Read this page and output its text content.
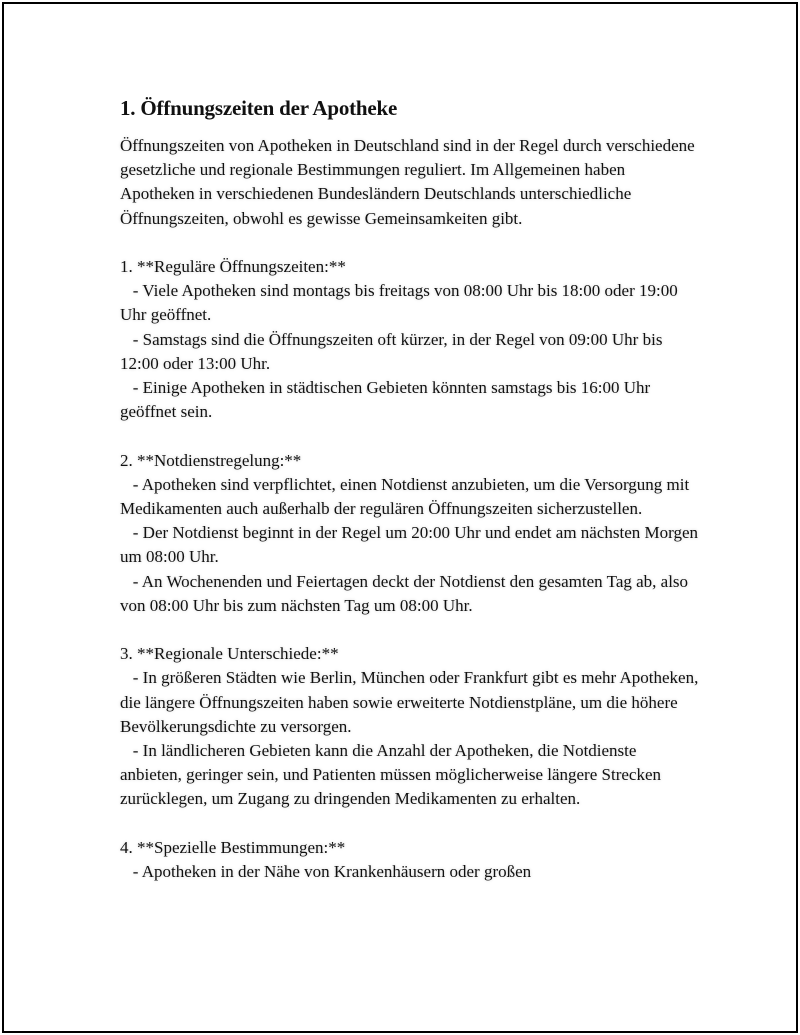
1. Öffnungszeiten der Apotheke

Öffnungszeiten von Apotheken in Deutschland sind in der Regel durch verschiedene gesetzliche und regionale Bestimmungen reguliert. Im Allgemeinen haben Apotheken in verschiedenen Bundesländern Deutschlands unterschiedliche Öffnungszeiten, obwohl es gewisse Gemeinsamkeiten gibt.

1. **Reguläre Öffnungszeiten:**
- Viele Apotheken sind montags bis freitags von 08:00 Uhr bis 18:00 oder 19:00 Uhr geöffnet.
- Samstags sind die Öffnungszeiten oft kürzer, in der Regel von 09:00 Uhr bis 12:00 oder 13:00 Uhr.
- Einige Apotheken in städtischen Gebieten könnten samstags bis 16:00 Uhr geöffnet sein.
2. **Notdienstregelung:**
- Apotheken sind verpflichtet, einen Notdienst anzubieten, um die Versorgung mit Medikamenten auch außerhalb der regulären Öffnungszeiten sicherzustellen.
- Der Notdienst beginnt in der Regel um 20:00 Uhr und endet am nächsten Morgen um 08:00 Uhr.
- An Wochenenden und Feiertagen deckt der Notdienst den gesamten Tag ab, also von 08:00 Uhr bis zum nächsten Tag um 08:00 Uhr.
3. **Regionale Unterschiede:**
- In größeren Städten wie Berlin, München oder Frankfurt gibt es mehr Apotheken, die längere Öffnungszeiten haben sowie erweiterte Notdienstpläne, um die höhere Bevölkerungsdichte zu versorgen.
- In ländlicheren Gebieten kann die Anzahl der Apotheken, die Notdienste anbieten, geringer sein, und Patienten müssen möglicherweise längere Strecken zurücklegen, um Zugang zu dringenden Medikamenten zu erhalten.
4. **Spezielle Bestimmungen:**
- Apotheken in der Nähe von Krankenhäusern oder großen
